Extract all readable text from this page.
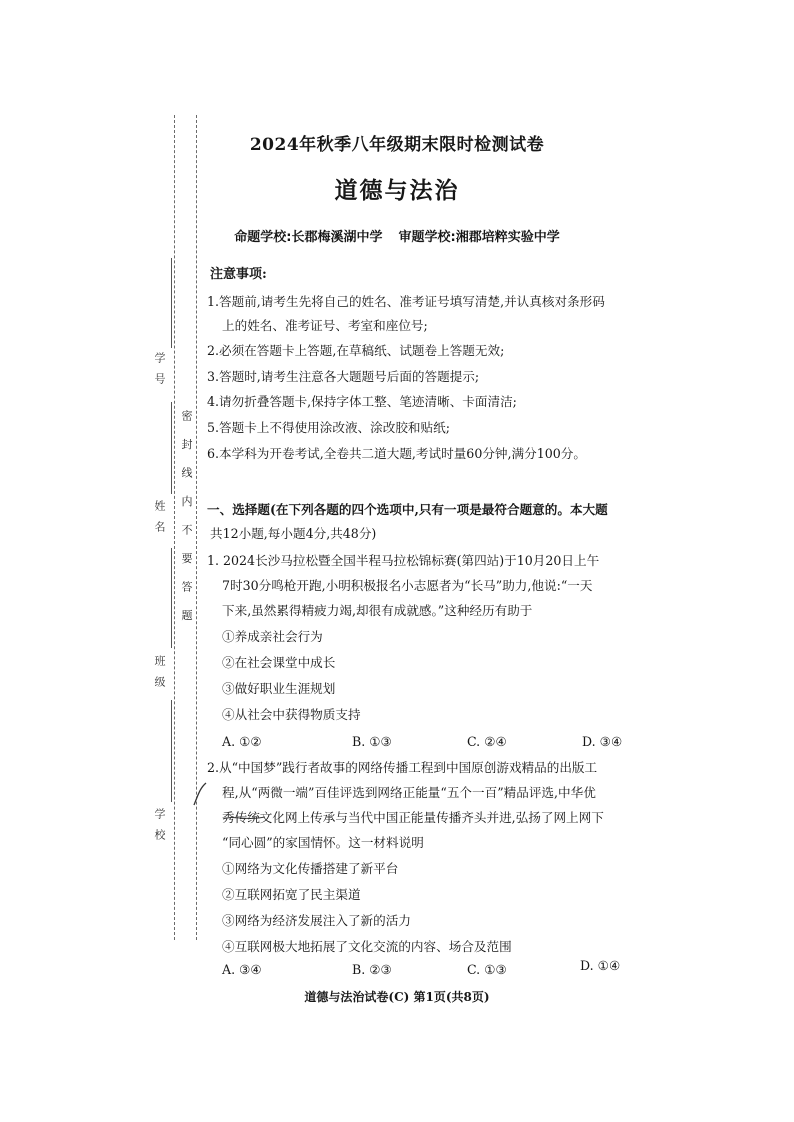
学号
姓名
班级
学校
密封线内不要答题
2024年秋季八年级期末限时检测试卷
道德与法治
命题学校:长郡梅溪湖中学 审题学校:湘郡培粹实验中学
注意事项:
1.答题前,请考生先将自己的姓名、准考证号填写清楚,并认真核对条形码
上的姓名、准考证号、考室和座位号;
2.必须在答题卡上答题,在草稿纸、试题卷上答题无效;
3.答题时,请考生注意各大题题号后面的答题提示;
4.请勿折叠答题卡,保持字体工整、笔迹清晰、卡面清洁;
5.答题卡上不得使用涂改液、涂改胶和贴纸;
6.本学科为开卷考试,全卷共二道大题,考试时量60分钟,满分100分。
一、选择题(在下列各题的四个选项中,只有一项是最符合题意的。本大题
共12小题,每小题4分,共48分)
1. 2024长沙马拉松暨全国半程马拉松锦标赛(第四站)于10月20日上午
7时30分鸣枪开跑,小明积极报名小志愿者为“长马”助力,他说:“一天
下来,虽然累得精疲力竭,却很有成就感。”这种经历有助于
①养成亲社会行为
②在社会课堂中成长
③做好职业生涯规划
④从社会中获得物质支持
A. ①②	B. ①③	C. ②④	D. ③④
2.从“中国梦”践行者故事的网络传播工程到中国原创游戏精品的出版工
程,从“两微一端”百佳评选到网络正能量“五个一百”精品评选,中华优
秀传统文化网上传承与当代中国正能量传播齐头并进,弘扬了网上网下
“同心圆”的家国情怀。这一材料说明
①网络为文化传播搭建了新平台
②互联网拓宽了民主渠道
③网络为经济发展注入了新的活力
④互联网极大地拓展了文化交流的内容、场合及范围
A. ③④	B. ②③	C. ①③	D. ①④
道德与法治试卷(C) 第1页(共8页)
